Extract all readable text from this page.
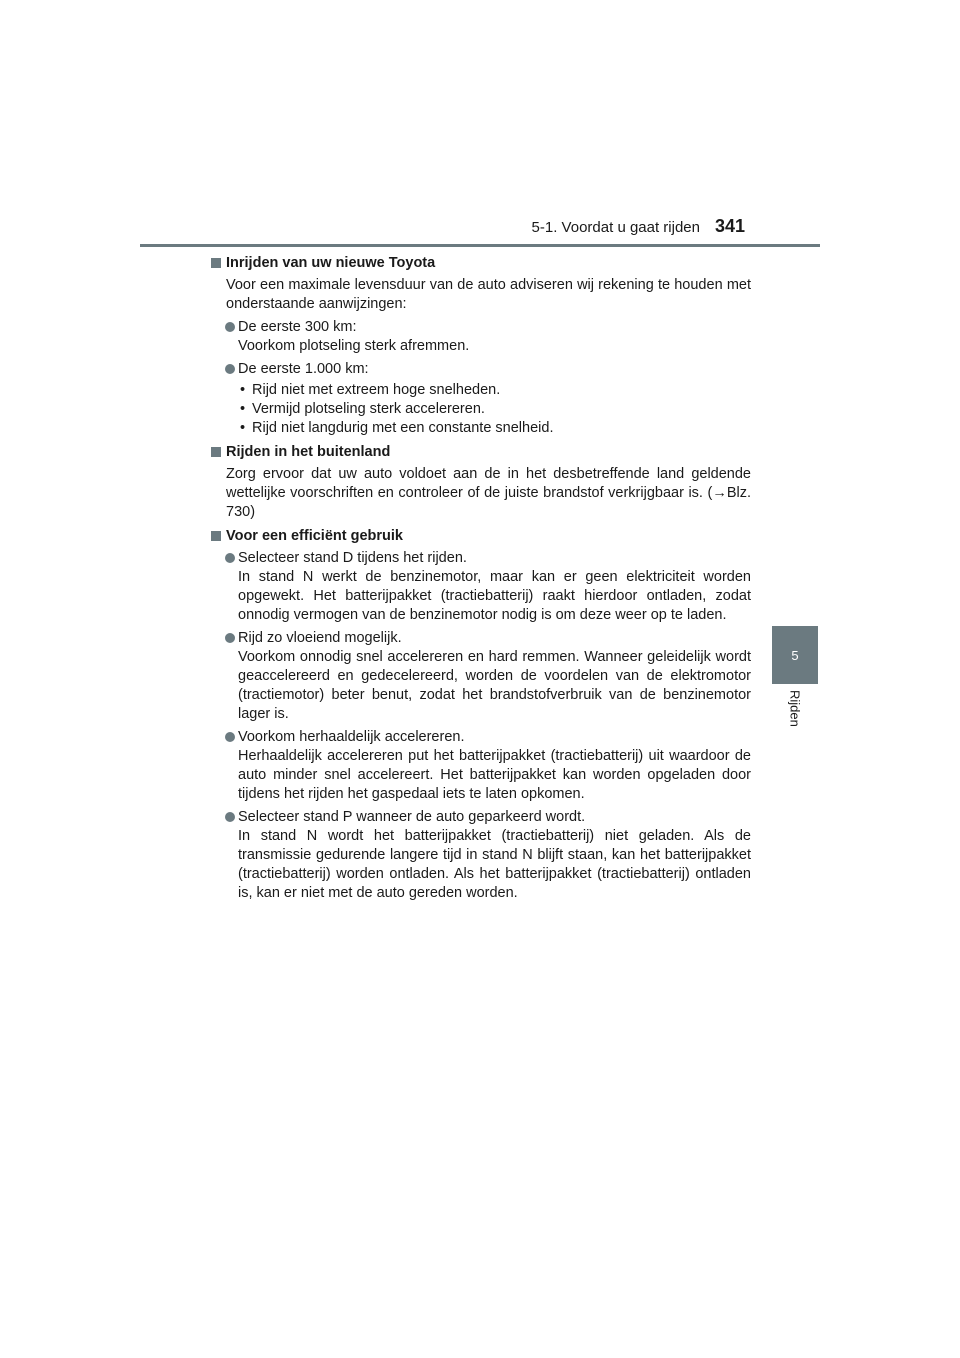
5-1. Voordat u gaat rijden 341
5
Rijden
Inrijden van uw nieuwe Toyota
Voor een maximale levensduur van de auto adviseren wij rekening te houden met onderstaande aanwijzingen:
De eerste 300 km:
Voorkom plotseling sterk afremmen.
De eerste 1.000 km:
• Rijd niet met extreem hoge snelheden.
• Vermijd plotseling sterk accelereren.
• Rijd niet langdurig met een constante snelheid.
Rijden in het buitenland
Zorg ervoor dat uw auto voldoet aan de in het desbetreffende land geldende wettelijke voorschriften en controleer of de juiste brandstof verkrijgbaar is. (→Blz. 730)
Voor een efficiënt gebruik
Selecteer stand D tijdens het rijden.
In stand N werkt de benzinemotor, maar kan er geen elektriciteit worden opgewekt. Het batterijpakket (tractiebatterij) raakt hierdoor ontladen, zodat onnodig vermogen van de benzinemotor nodig is om deze weer op te laden.
Rijd zo vloeiend mogelijk.
Voorkom onnodig snel accelereren en hard remmen. Wanneer geleidelijk wordt geaccelereerd en gedecelereerd, worden de voordelen van de elektromotor (tractiemotor) beter benut, zodat het brandstofverbruik van de benzinemotor lager is.
Voorkom herhaaldelijk accelereren.
Herhaaldelijk accelereren put het batterijpakket (tractiebatterij) uit waardoor de auto minder snel accelereert. Het batterijpakket kan worden opgeladen door tijdens het rijden het gaspedaal iets te laten opkomen.
Selecteer stand P wanneer de auto geparkeerd wordt.
In stand N wordt het batterijpakket (tractiebatterij) niet geladen. Als de transmissie gedurende langere tijd in stand N blijft staan, kan het batterijpakket (tractiebatterij) worden ontladen. Als het batterijpakket (tractiebatterij) ontladen is, kan er niet met de auto gereden worden.
